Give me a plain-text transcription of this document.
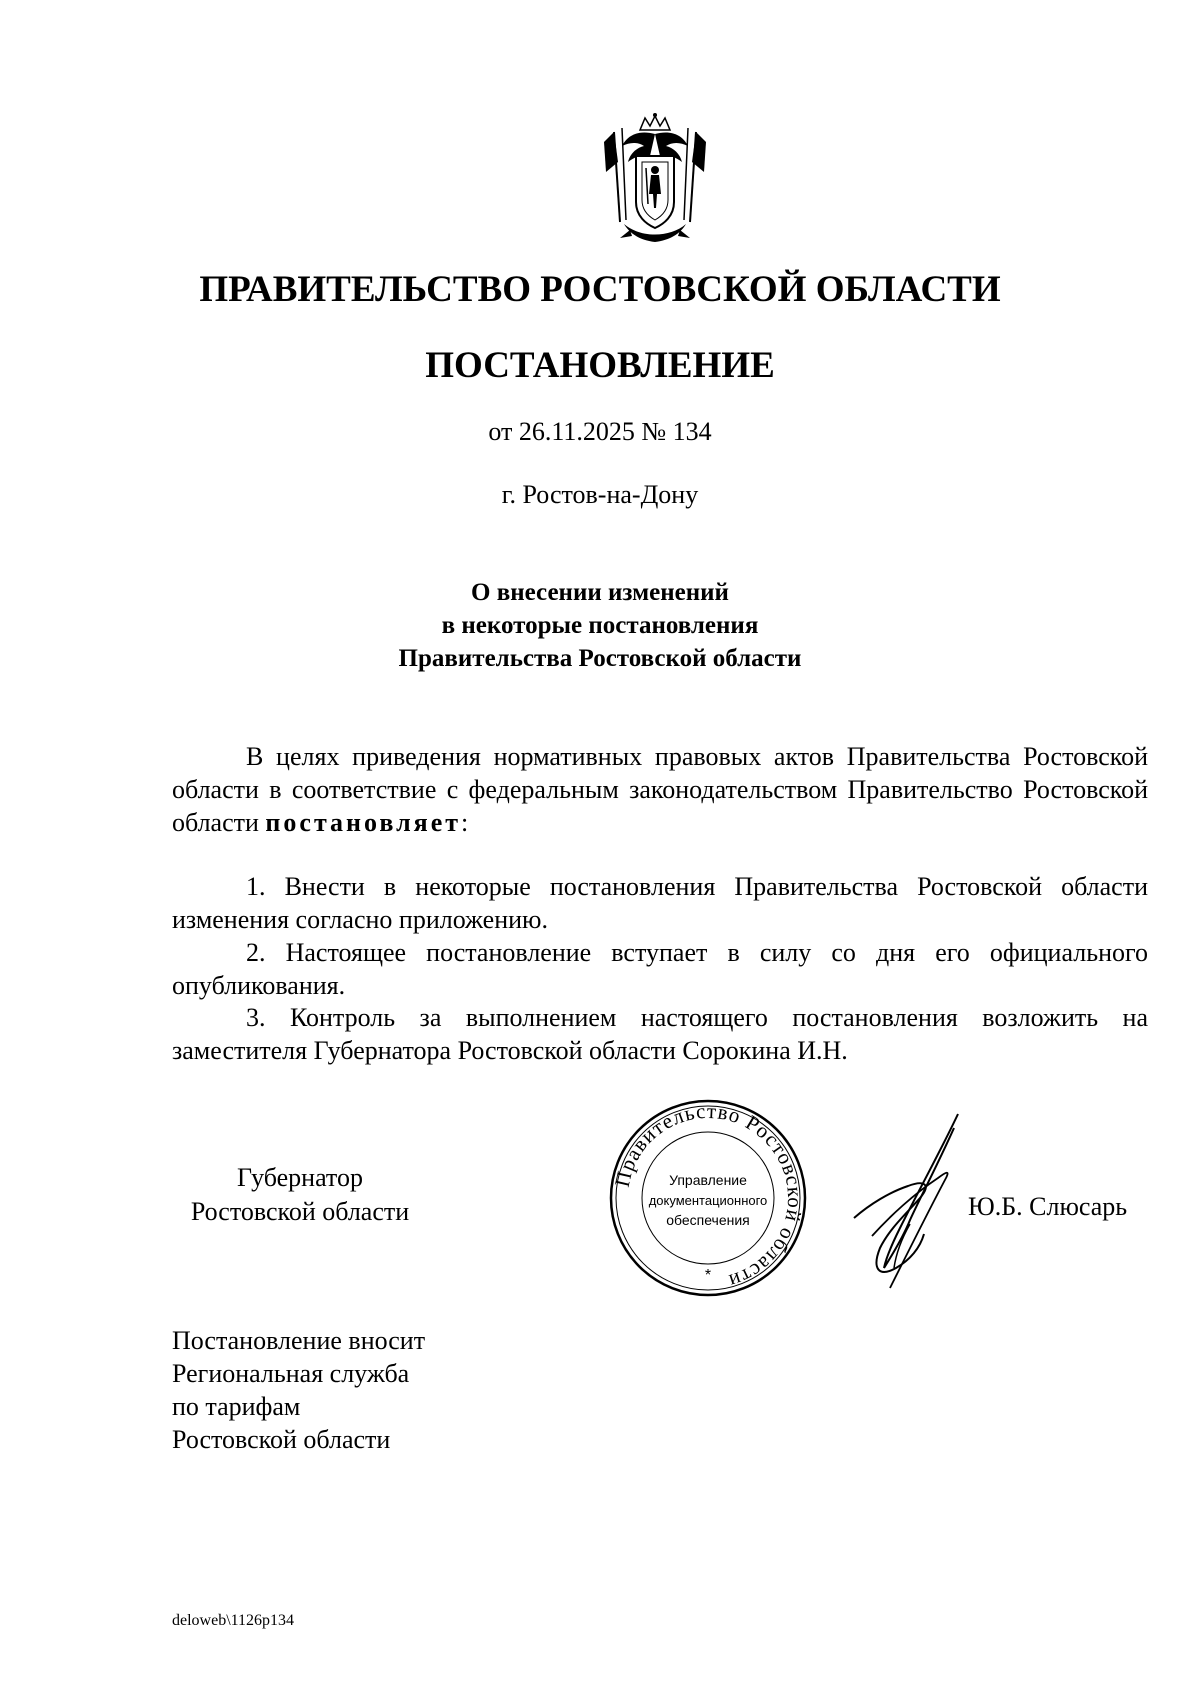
ПРАВИТЕЛЬСТВО РОСТОВСКОЙ ОБЛАСТИ
ПОСТАНОВЛЕНИЕ
от 26.11.2025 № 134
г. Ростов-на-Дону
О внесении изменений
в некоторые постановления
Правительства Ростовской области
В целях приведения нормативных правовых актов Правительства Ростовской области в соответствие с федеральным законодательством Правительство Ростовской области постановляет:
1. Внести в некоторые постановления Правительства Ростовской области изменения согласно приложению.
2. Настоящее постановление вступает в силу со дня его официального опубликования.
3. Контроль за выполнением настоящего постановления возложить на заместителя Губернатора Ростовской области Сорокина И.Н.
Губернатор
Ростовской области
Правительство Ростовской области
Управление
документационного
обеспечения
*
Ю.Б. Слюсарь
Постановление вносит
Региональная служба
по тарифам
Ростовской области
deloweb\1126p134
